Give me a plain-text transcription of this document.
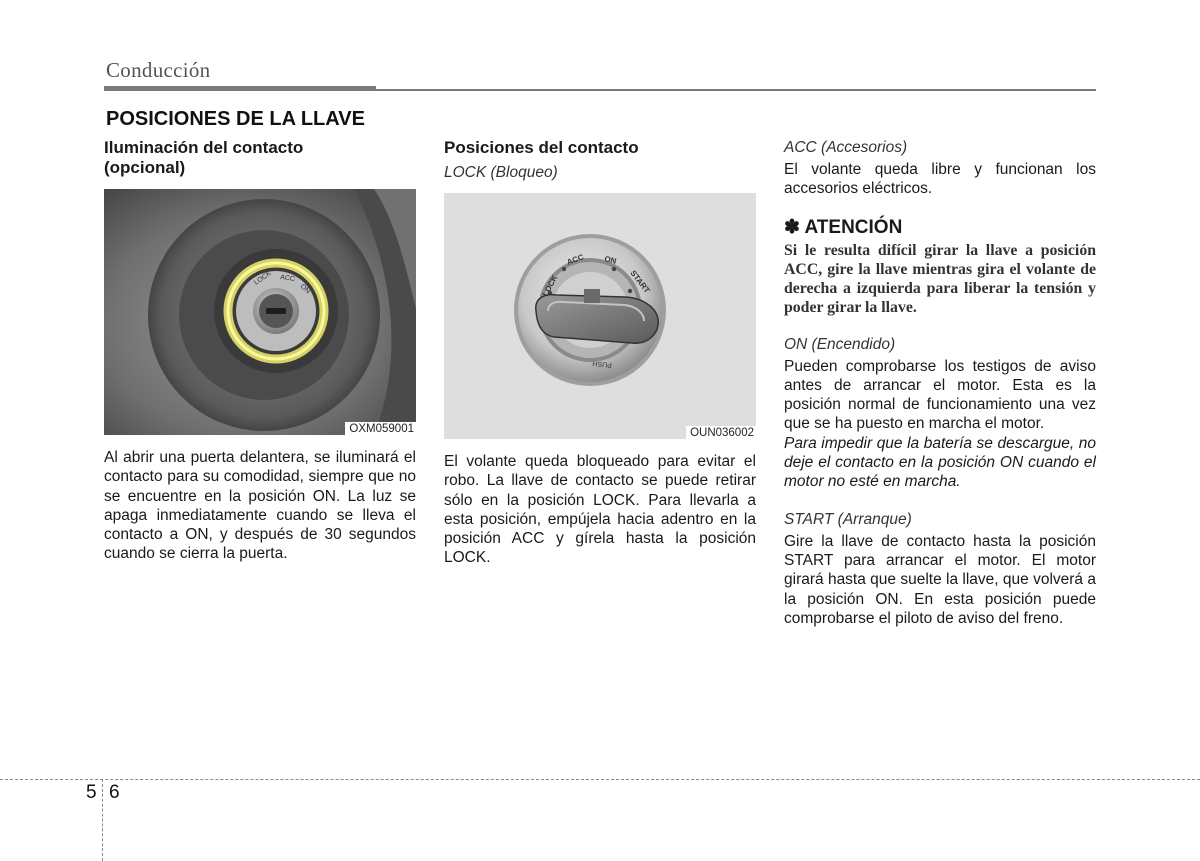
Conducción
POSICIONES DE LA LLAVE

Iluminación del contacto
(opcional)

LOCK ACC
ON
OXM059001

Al abrir una puerta delantera, se iluminará el contacto para su comodidad, siempre que no se encuentre en la posición ON. La luz se apaga inmediatamente cuando se lleva el contacto a ON, y después de 30 segundos cuando se cierra la puerta.

Posiciones del contacto

LOCK (Bloqueo)

LOCK
ACC ON
START
PUSH
OUN036002

El volante queda bloqueado para evitar el robo. La llave de contacto se puede retirar sólo en la posición LOCK. Para llevarla a esta posición, empújela hacia adentro en la posición ACC y gírela hasta la posición LOCK.

ACC (Accesorios)

El volante queda libre y funcionan los accesorios eléctricos.

✽ ATENCIÓN

Si le resulta difícil girar la llave a posición ACC, gire la llave mientras gira el volante de derecha a izquierda para liberar la tensión y poder girar la llave.

ON (Encendido)

Pueden comprobarse los testigos de aviso antes de arrancar el motor. Esta es la posición normal de funcionamiento una vez que se ha puesto en marcha el motor.

Para impedir que la batería se descargue, no deje el contacto en la posición ON cuando el motor no esté en marcha.

START (Arranque)

Gire la llave de contacto hasta la posición START para arrancar el motor. El motor girará hasta que suelte la llave, que volverá a la posición ON. En esta posición puede comprobarse el piloto de aviso del freno.

5 6
